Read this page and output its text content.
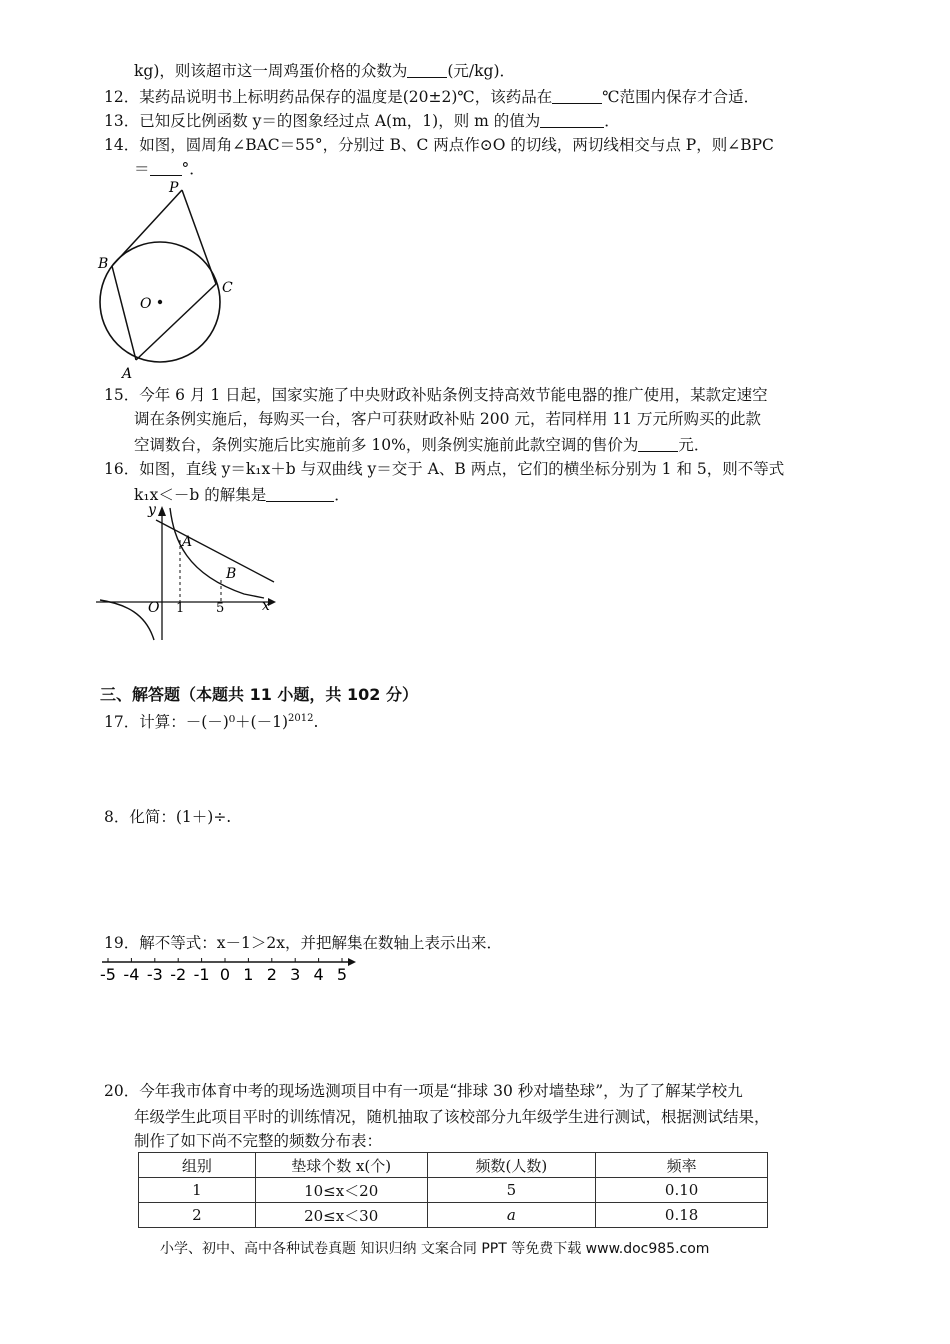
kg)，则该超市这一周鸡蛋价格的众数为	(元/kg)．
12．某药品说明书上标明药品保存的温度是(20±2)℃，该药品在	℃范围内保存才合适．
13．已知反比例函数 y＝的图象经过点 A(m，1)，则 m 的值为	．
14．如图，圆周角∠BAC＝55°，分别过 B、C 两点作⊙O 的切线，两切线相交与点 P，则∠BPC
＝ °．
P
B
C
O
A
15．今年 6 月 1 日起，国家实施了中央财政补贴条例支持高效节能电器的推广使用，某款定速空
调在条例实施后，每购买一台，客户可获财政补贴 200 元，若同样用 11 万元所购买的此款
空调数台，条例实施后比实施前多 10%，则条例实施前此款空调的售价为	元．
16．如图，直线 y＝k₁x＋b 与双曲线 y＝交于 A、B 两点，它们的横坐标分别为 1 和 5，则不等式
k₁x＜－b 的解集是	．
y
x
O 1 5
A
B
三、解答题（本题共 11 小题，共 102 分）
17．计算：$-(-)^0+(-1)^{2012}$.
8．化简：(1＋)÷.
19．解不等式：x－1＞2x，并把解集在数轴上表示出来．
-5 -4 -3 -2 -1 0 1 2 3 4 5
20．今年我市体育中考的现场选测项目中有一项是“排球 30 秒对墙垫球”，为了了解某学校九
年级学生此项目平时的训练情况，随机抽取了该校部分九年级学生进行测试，根据测试结果，
制作了如下尚不完整的频数分布表：
组别	垫球个数 x(个)	频数(人数)	频率
1	10≤x＜20	5	0.10
2	20≤x＜30	a	0.18
小学、初中、高中各种试卷真题 知识归纳 文案合同 PPT 等免费下载 www.doc985.com
